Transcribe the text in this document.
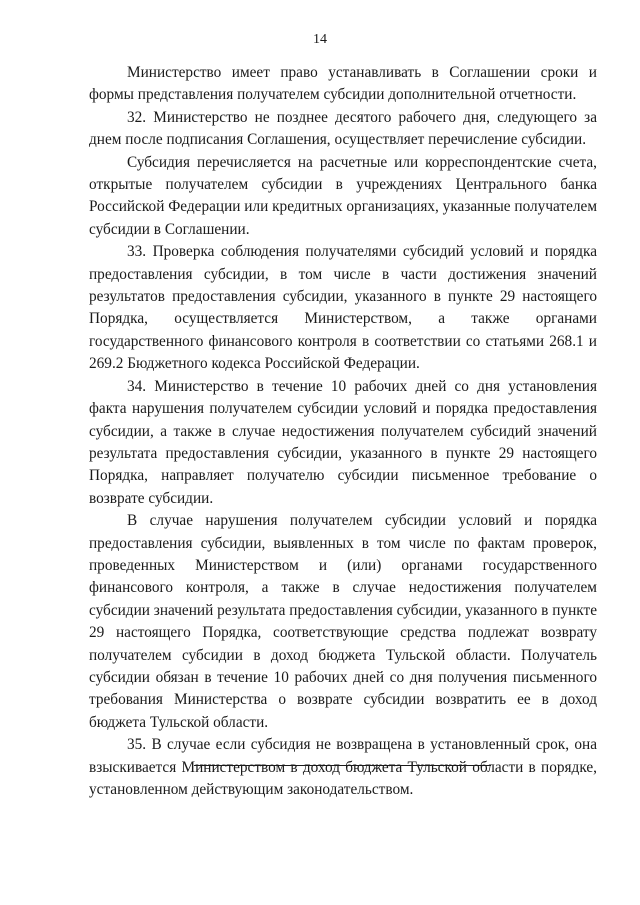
14

Министерство имеет право устанавливать в Соглашении сроки и формы представления получателем субсидии дополнительной отчетности.

32. Министерство не позднее десятого рабочего дня, следующего за днем после подписания Соглашения, осуществляет перечисление субсидии.

Субсидия перечисляется на расчетные или корреспондентские счета, открытые получателем субсидии в учреждениях Центрального банка Российской Федерации или кредитных организациях, указанные получателем субсидии в Соглашении.

33. Проверка соблюдения получателями субсидий условий и порядка предоставления субсидии, в том числе в части достижения значений результатов предоставления субсидии, указанного в пункте 29 настоящего Порядка, осуществляется Министерством, а также органами государственного финансового контроля в соответствии со статьями 268.1 и 269.2 Бюджетного кодекса Российской Федерации.

34. Министерство в течение 10 рабочих дней со дня установления факта нарушения получателем субсидии условий и порядка предоставления субсидии, а также в случае недостижения получателем субсидий значений результата предоставления субсидии, указанного в пункте 29 настоящего Порядка, направляет получателю субсидии письменное требование о возврате субсидии.

В случае нарушения получателем субсидии условий и порядка предоставления субсидии, выявленных в том числе по фактам проверок, проведенных Министерством и (или) органами государственного финансового контроля, а также в случае недостижения получателем субсидии значений результата предоставления субсидии, указанного в пункте 29 настоящего Порядка, соответствующие средства подлежат возврату получателем субсидии в доход бюджета Тульской области. Получатель субсидии обязан в течение 10 рабочих дней со дня получения письменного требования Министерства о возврате субсидии возвратить ее в доход бюджета Тульской области.

35. В случае если субсидия не возвращена в установленный срок, она взыскивается Министерством в доход бюджета Тульской области в порядке, установленном действующим законодательством.
